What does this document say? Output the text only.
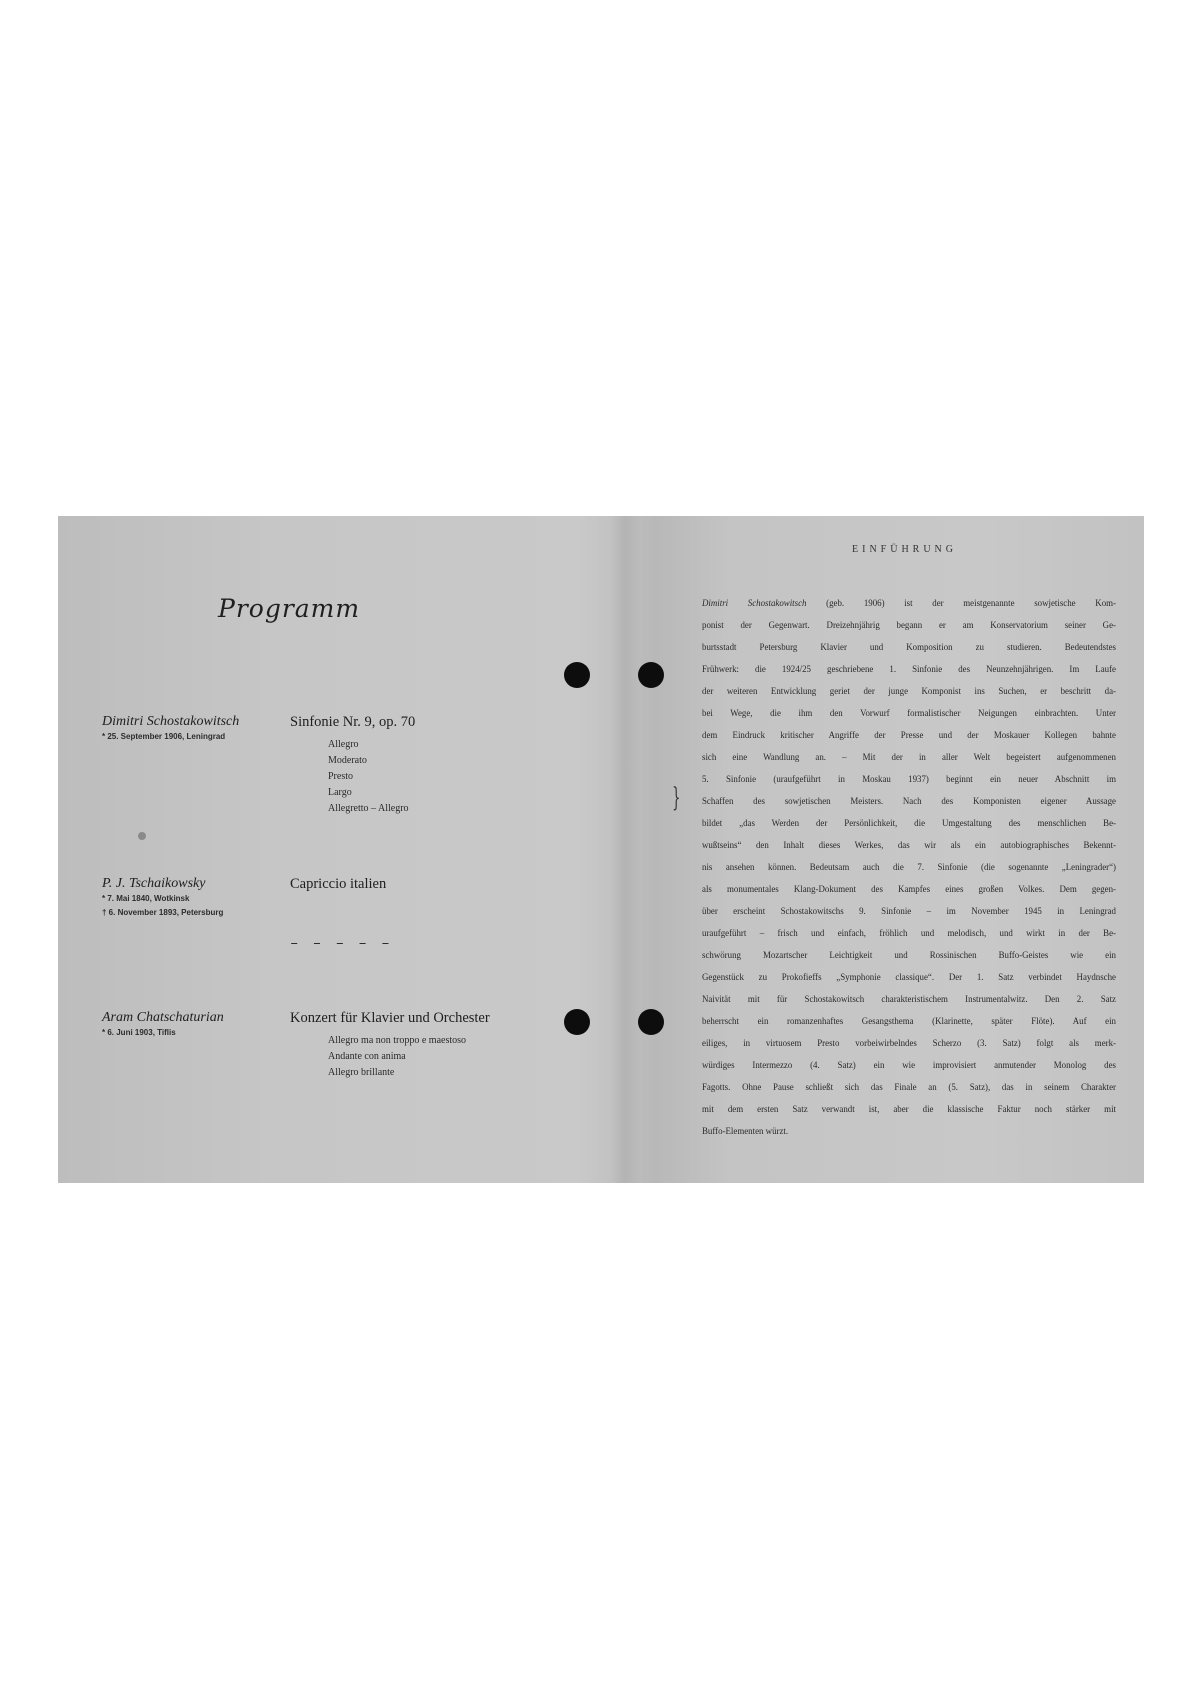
Programm
Dimitri Schostakowitsch
* 25. September 1906, Leningrad
Sinfonie Nr. 9, op. 70
Allegro
Moderato
Presto
Largo
Allegretto – Allegro	}
P. J. Tschaikowsky
* 7. Mai 1840, Wotkinsk
† 6. November 1893, Petersburg
Capriccio italien
– – – – –
Aram Chatschaturian
* 6. Juni 1903, Tiflis
Konzert für Klavier und Orchester
Allegro ma non troppo e maestoso
Andante con anima
Allegro brillante
EINFÜHRUNG
Dimitri Schostakowitsch (geb. 1906) ist der meistgenannte sowjetische Kom-
ponist der Gegenwart. Dreizehnjährig begann er am Konservatorium seiner Ge-
burtsstadt Petersburg Klavier und Komposition zu studieren. Bedeutendstes
Frühwerk: die 1924/25 geschriebene 1. Sinfonie des Neunzehnjährigen. Im Laufe
der weiteren Entwicklung geriet der junge Komponist ins Suchen, er beschritt da-
bei Wege, die ihm den Vorwurf formalistischer Neigungen einbrachten. Unter
dem Eindruck kritischer Angriffe der Presse und der Moskauer Kollegen bahnte
sich eine Wandlung an. – Mit der in aller Welt begeistert aufgenommenen
5. Sinfonie (uraufgeführt in Moskau 1937) beginnt ein neuer Abschnitt im
Schaffen des sowjetischen Meisters. Nach des Komponisten eigener Aussage
bildet „das Werden der Persönlichkeit, die Umgestaltung des menschlichen Be-
wußtseins“ den Inhalt dieses Werkes, das wir als ein autobiographisches Bekennt-
nis ansehen können. Bedeutsam auch die 7. Sinfonie (die sogenannte „Leningrader“)
als monumentales Klang-Dokument des Kampfes eines großen Volkes. Dem gegen-
über erscheint Schostakowitschs 9. Sinfonie – im November 1945 in Leningrad
uraufgeführt – frisch und einfach, fröhlich und melodisch, und wirkt in der Be-
schwörung Mozartscher Leichtigkeit und Rossinischen Buffo-Geistes wie ein
Gegenstück zu Prokofieffs „Symphonie classique“. Der 1. Satz verbindet Haydnsche
Naivität mit für Schostakowitsch charakteristischem Instrumentalwitz. Den 2. Satz
beherrscht ein romanzenhaftes Gesangsthema (Klarinette, später Flöte). Auf ein
eiliges, in virtuosem Presto vorbeiwirbelndes Scherzo (3. Satz) folgt als merk-
würdiges Intermezzo (4. Satz) ein wie improvisiert anmutender Monolog des
Fagotts. Ohne Pause schließt sich das Finale an (5. Satz), das in seinem Charakter
mit dem ersten Satz verwandt ist, aber die klassische Faktur noch stärker mit
Buffo-Elementen würzt.
